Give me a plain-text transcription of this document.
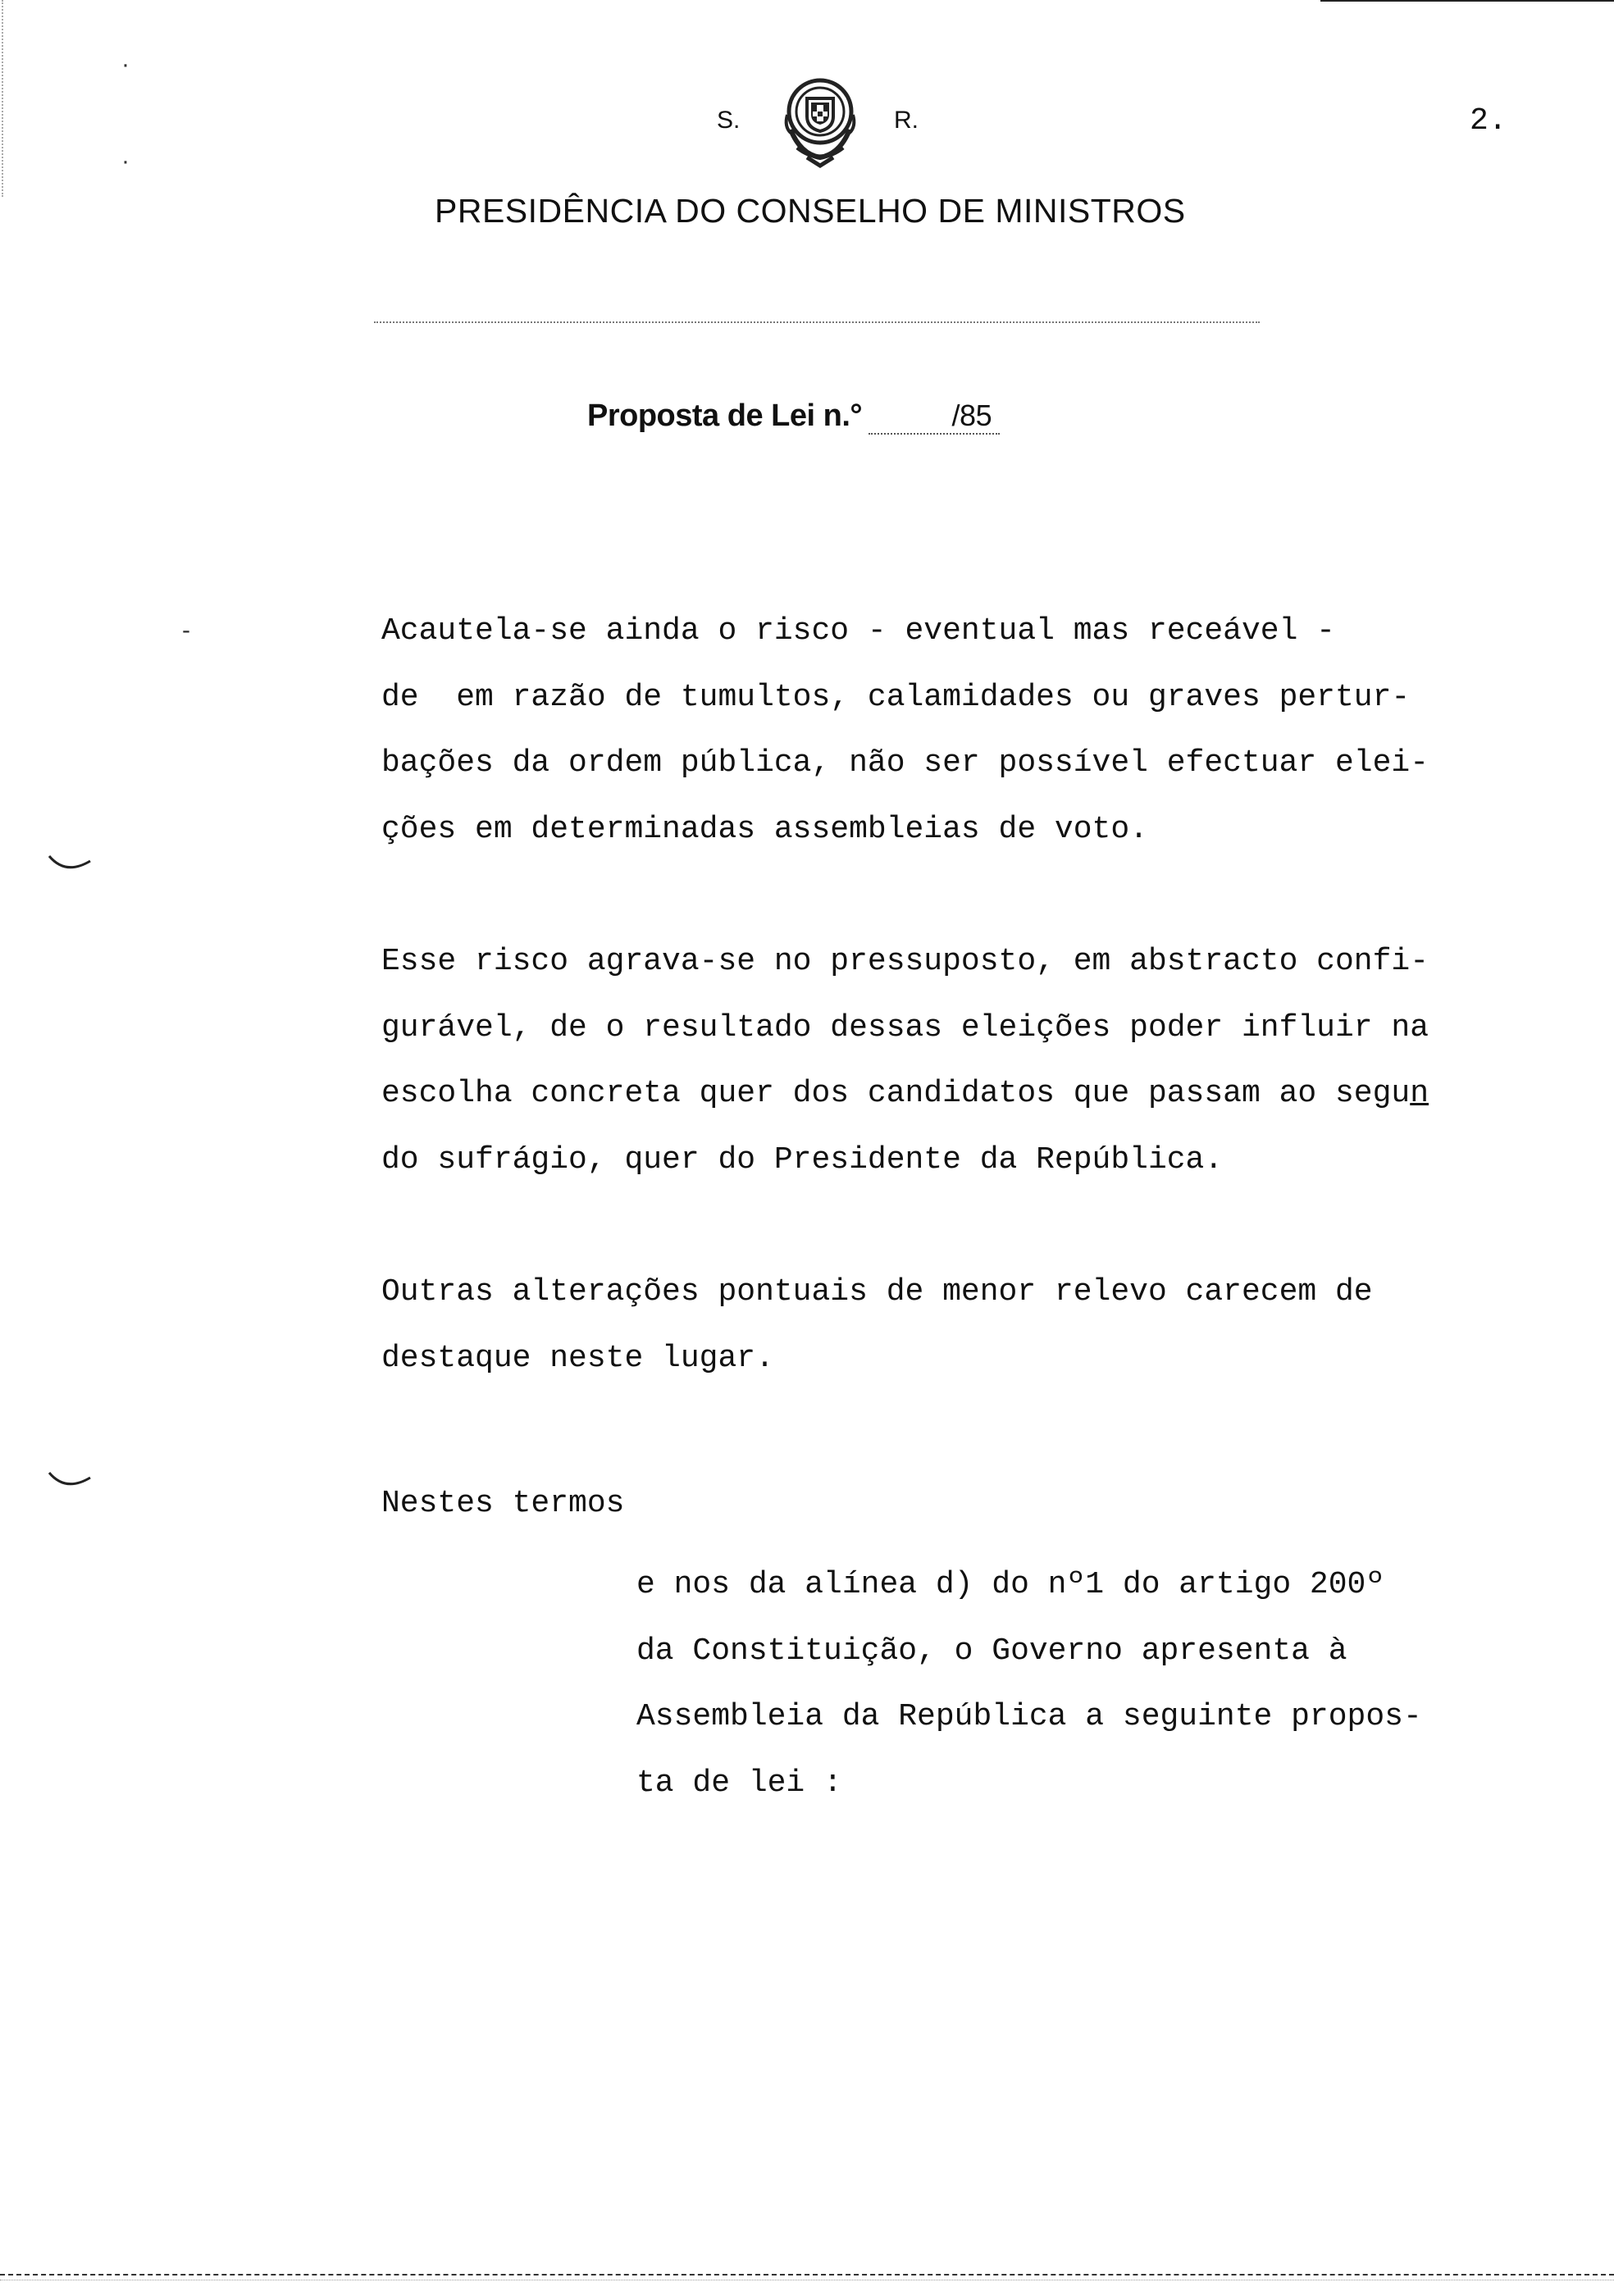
S.	R.	2.
PRESIDÊNCIA DO CONSELHO DE MINISTROS
Proposta de Lei n.°	/85
Acautela-se ainda o risco - eventual mas receável -
de  em razão de tumultos, calamidades ou graves pertur-
bações da ordem pública, não ser possível efectuar elei-
ções em determinadas assembleias de voto.
Esse risco agrava-se no pressuposto, em abstracto confi-
gurável, de o resultado dessas eleições poder influir na
escolha concreta quer dos candidatos que passam ao segun
do sufrágio, quer do Presidente da República.
Outras alterações pontuais de menor relevo carecem de
destaque neste lugar.
Nestes termos
e nos da alínea d) do nº1 do artigo 200º
da Constituição, o Governo apresenta à
Assembleia da República a seguinte propos-
ta de lei :
-
·
·
